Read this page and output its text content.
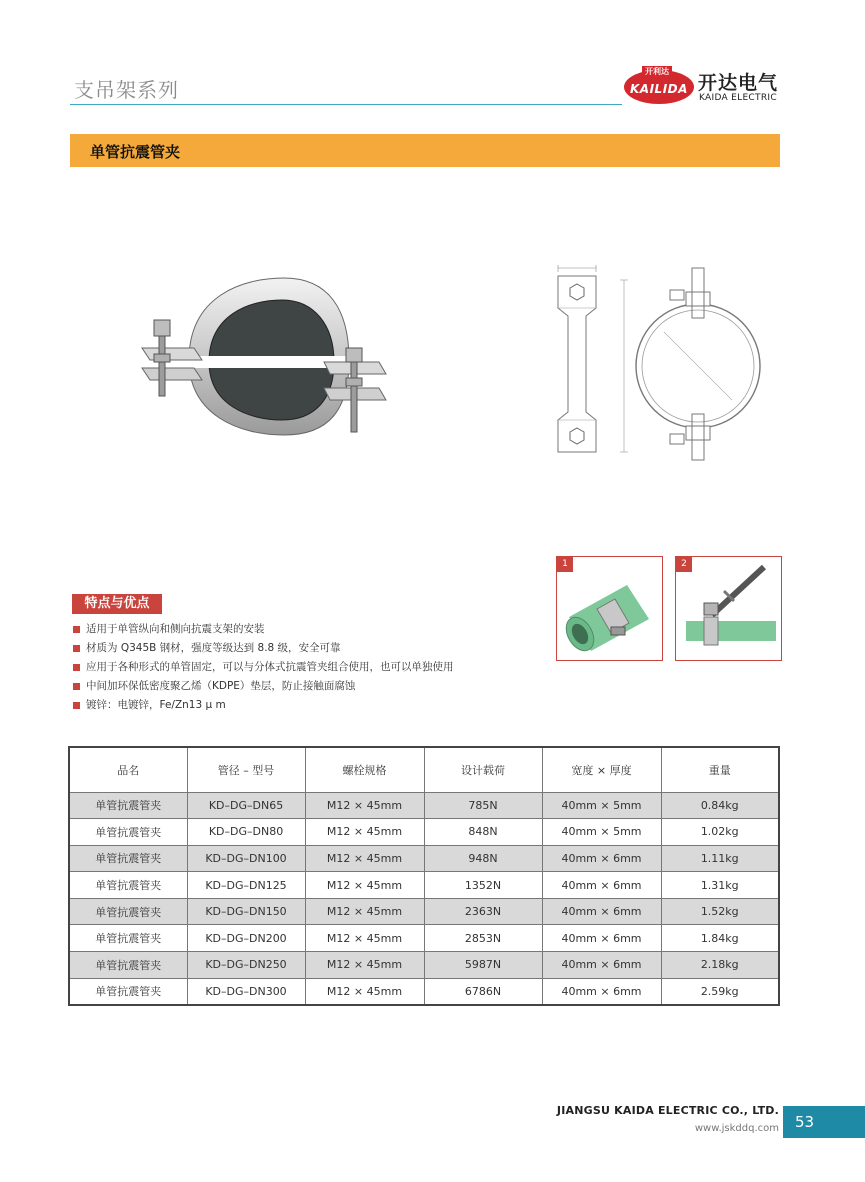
支吊架系列
开利达
KAILIDA 开达电气
KAIDA ELECTRIC
单管抗震管夹
1	2
特点与优点
适用于单管纵向和侧向抗震支架的安装
材质为 Q345B 钢材，强度等级达到 8.8 级，安全可靠
应用于各种形式的单管固定，可以与分体式抗震管夹组合使用，也可以单独使用
中间加环保低密度聚乙烯（KDPE）垫层，防止接触面腐蚀
镀锌：电镀锌，Fe/Zn13 μ m
品名	管径 – 型号	螺栓规格	设计载荷	宽度 × 厚度	重量
单管抗震管夹	KD–DG–DN65	M12 × 45mm	785N	40mm × 5mm	0.84kg
单管抗震管夹	KD–DG–DN80	M12 × 45mm	848N	40mm × 5mm	1.02kg
单管抗震管夹	KD–DG–DN100	M12 × 45mm	948N	40mm × 6mm	1.11kg
单管抗震管夹	KD–DG–DN125	M12 × 45mm	1352N	40mm × 6mm	1.31kg
单管抗震管夹	KD–DG–DN150	M12 × 45mm	2363N	40mm × 6mm	1.52kg
单管抗震管夹	KD–DG–DN200	M12 × 45mm	2853N	40mm × 6mm	1.84kg
单管抗震管夹	KD–DG–DN250	M12 × 45mm	5987N	40mm × 6mm	2.18kg
单管抗震管夹	KD–DG–DN300	M12 × 45mm	6786N	40mm × 6mm	2.59kg
JIANGSU KAIDA ELECTRIC CO., LTD.
www.jskddq.com	53
